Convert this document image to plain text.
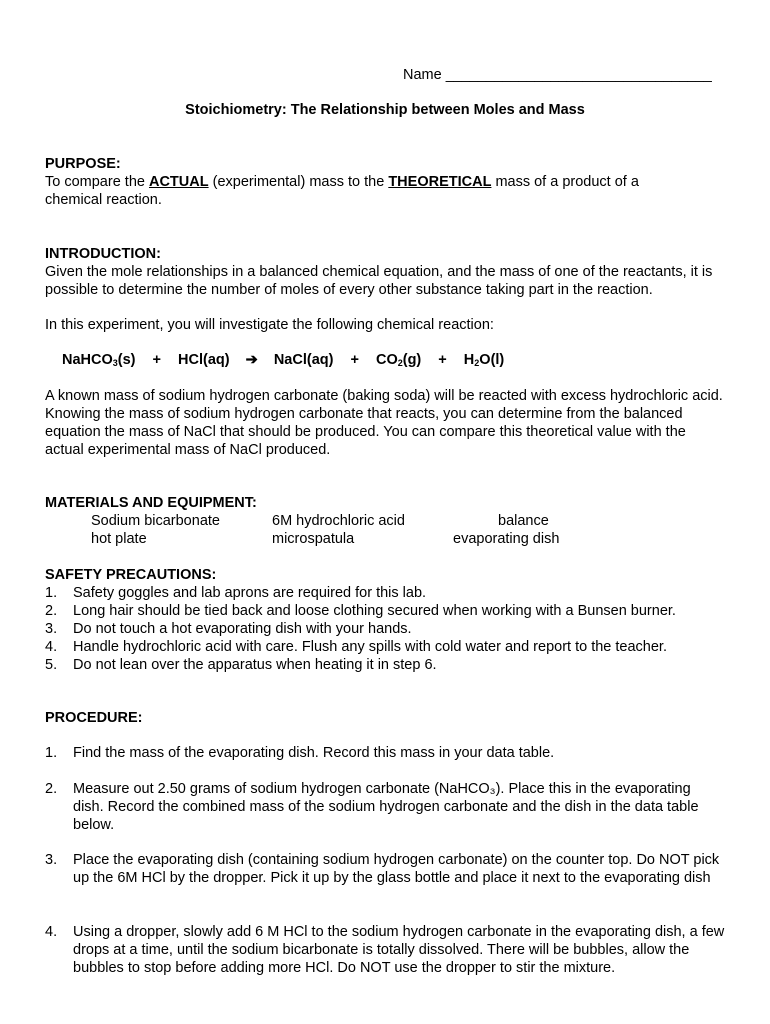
Name _________________________________
Stoichiometry: The Relationship between Moles and Mass
PURPOSE:
To compare the ACTUAL (experimental) mass to the THEORETICAL mass of a product of a chemical reaction.
INTRODUCTION:
Given the mole relationships in a balanced chemical equation, and the mass of one of the reactants, it is possible to determine the number of moles of every other substance taking part in the reaction.
In this experiment, you will investigate the following chemical reaction:
NaHCO$_3$(s) + HCl(aq) ➔ NaCl(aq) + $CO_2(g) + H_2O(l)$
A known mass of sodium hydrogen carbonate (baking soda) will be reacted with excess hydrochloric acid. Knowing the mass of sodium hydrogen carbonate that reacts, you can determine from the balanced equation the mass of NaCl that should be produced. You can compare this theoretical value with the actual experimental mass of NaCl produced.
MATERIALS AND EQUIPMENT:
Sodium bicarbonate	6M hydrochloric acid	balance
hot plate	microspatula	evaporating dish
SAFETY PRECAUTIONS:
1. Safety goggles and lab aprons are required for this lab.
2. Long hair should be tied back and loose clothing secured when working with a Bunsen burner.
3. Do not touch a hot evaporating dish with your hands.
4. Handle hydrochloric acid with care. Flush any spills with cold water and report to the teacher.
5. Do not lean over the apparatus when heating it in step 6.
PROCEDURE:
1. Find the mass of the evaporating dish. Record this mass in your data table.
2. Measure out 2.50 grams of sodium hydrogen carbonate (NaHCO₃). Place this in the evaporating dish. Record the combined mass of the sodium hydrogen carbonate and the dish in the data table below.
3. Place the evaporating dish (containing sodium hydrogen carbonate) on the counter top. Do NOT pick up the 6M HCl by the dropper. Pick it up by the glass bottle and place it next to the evaporating dish
4. Using a dropper, slowly add 6 M HCl to the sodium hydrogen carbonate in the evaporating dish, a few drops at a time, until the sodium bicarbonate is totally dissolved. There will be bubbles, allow the bubbles to stop before adding more HCl. Do NOT use the dropper to stir the mixture.
